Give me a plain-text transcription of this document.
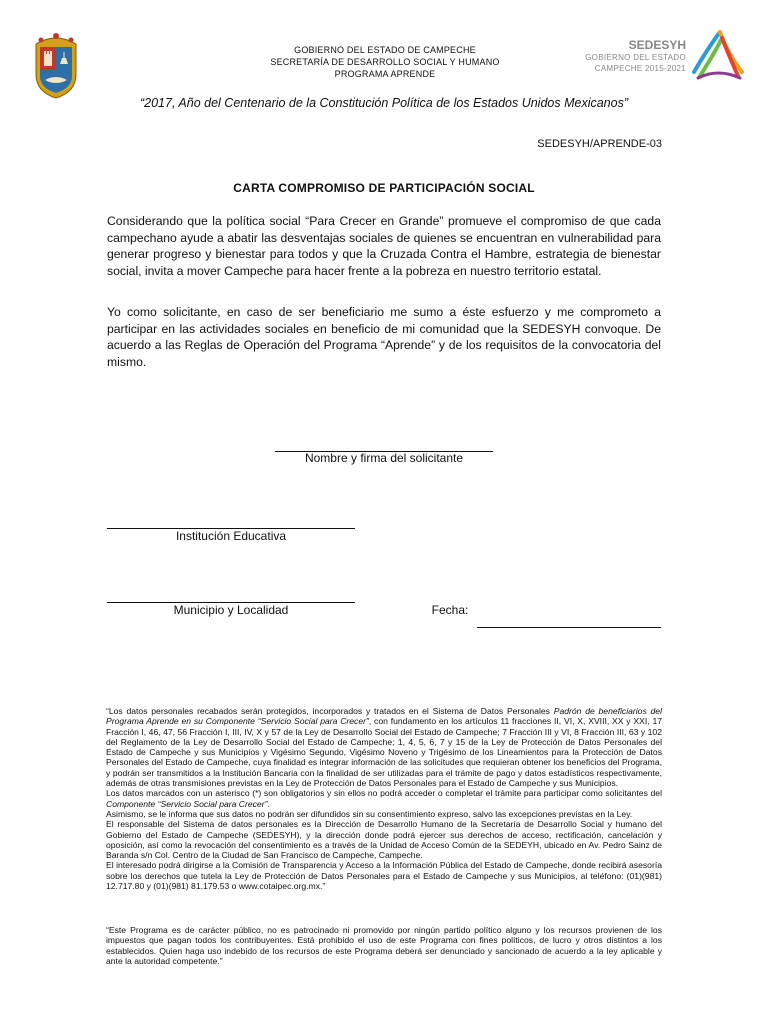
GOBIERNO DEL ESTADO DE CAMPECHE
SECRETARÍA DE DESARROLLO SOCIAL Y HUMANO
PROGRAMA APRENDE
SEDESYH
GOBIERNO DEL ESTADO
CAMPECHE 2015-2021
“2017, Año del Centenario de la Constitución Política de los Estados Unidos Mexicanos”
SEDESYH/APRENDE-03
CARTA COMPROMISO DE PARTICIPACIÓN SOCIAL
Considerando que la política social “Para Crecer en Grande” promueve el compromiso de que cada campechano ayude a abatir las desventajas sociales de quienes se encuentran en vulnerabilidad para generar progreso y bienestar para todos y que la Cruzada Contra el Hambre, estrategia de bienestar social, invita a mover Campeche para hacer frente a la pobreza en nuestro territorio estatal.
Yo como solicitante, en caso de ser beneficiario me sumo a éste esfuerzo y me comprometo a participar en las actividades sociales en beneficio de mi comunidad que la SEDESYH convoque. De acuerdo a las Reglas de Operación del Programa “Aprende” y de los requisitos de la convocatoria del mismo.
Nombre y firma del solicitante
Institución Educativa
Municipio y Localidad	Fecha:

“Los datos personales recabados serán protegidos, incorporados y tratados en el Sistema de Datos Personales Padrón de beneficiarios del Programa Aprende en su Componente “Servicio Social para Crecer”, con fundamento en los artículos 11 fracciones II, VI, X, XVIII, XX y XXI, 17 Fracción I, 46, 47, 56 Fracción I, III, IV, X y 57 de la Ley de Desarrollo Social del Estado de Campeche; 7 Fracción III y VI, 8 Fracción III, 63 y 102 del Reglamento de la Ley de Desarrollo Social del Estado de Campeche; 1, 4, 5, 6, 7 y 15 de la Ley de Protección de Datos Personales del Estado de Campeche y sus Municipios y Vigésimo Segundo, Vigésimo Noveno y Trigésimo de los Lineamientos para la Protección de Datos Personales del Estado de Campeche, cuya finalidad es integrar información de las solicitudes que requieran obtener los beneficios del Programa, y podrán ser transmitidos a la Institución Bancaria con la finalidad de ser utilizadas para el trámite de pago y datos estadísticos respectivamente, además de otras transmisiones previstas en la Ley de Protección de Datos Personales para el Estado de Campeche y sus Municipios.

Los datos marcados con un asterisco (*) son obligatorios y sin ellos no podrá acceder o completar el trámite para participar como solicitantes del Componente “Servicio Social para Crecer”.

Asimismo, se le informa que sus datos no podrán ser difundidos sin su consentimiento expreso, salvo las excepciones previstas en la Ley.

El responsable del Sistema de datos personales es la Dirección de Desarrollo Humano de la Secretaría de Desarrollo Social y humano del Gobierno del Estado de Campeche (SEDESYH), y la dirección donde podrá ejercer sus derechos de acceso, rectificación, cancelación y oposición, así como la revocación del consentimiento es a través de la Unidad de Acceso Común de la SEDEYH, ubicado en Av. Pedro Sainz de Baranda s/n Col. Centro de la Ciudad de San Francisco de Campeche, Campeche.

El interesado podrá dirigirse a la Comisión de Transparencia y Acceso a la Información Pública del Estado de Campeche, donde recibirá asesoría sobre los derechos que tutela la Ley de Protección de Datos Personales para el Estado de Campeche y sus Municipios, al teléfono: (01)(981) 12.717.80 y (01)(981) 81.179.53 o www.cotaipec.org.mx.”

“Este Programa es de carácter público, no es patrocinado ni promovido por ningún partido político alguno y los recursos provienen de los impuestos que pagan todos los contribuyentes. Está prohibido el uso de este Programa con fines políticos, de lucro y otros distintos a los establecidos. Quien haga uso indebido de los recursos de este Programa deberá ser denunciado y sancionado de acuerdo a la ley aplicable y ante la autoridad competente.”
